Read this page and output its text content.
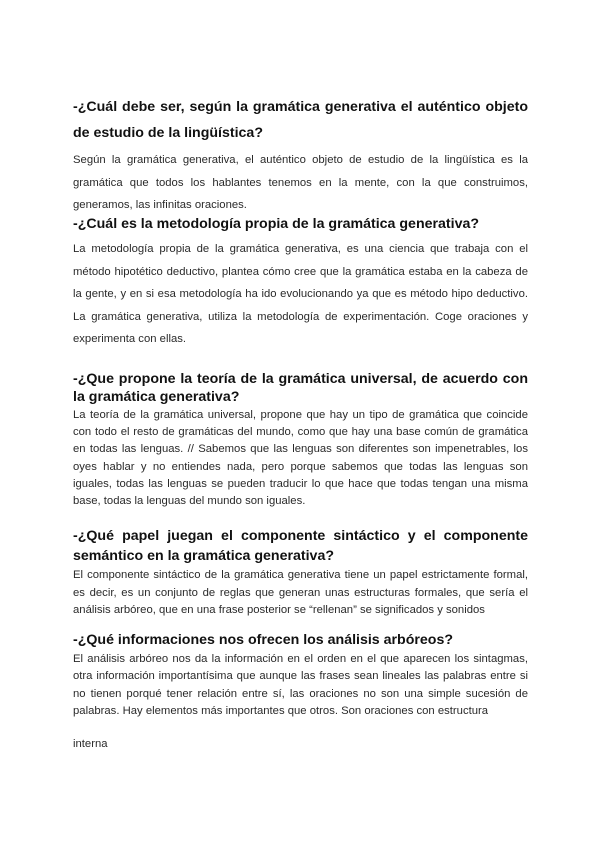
-¿Cuál debe ser, según la gramática generativa el auténtico objeto de estudio de la lingüística?

Según la gramática generativa, el auténtico objeto de estudio de la lingüística es la gramática que todos los hablantes tenemos en la mente, con la que construimos, generamos, las infinitas oraciones.

-¿Cuál es la metodología propia de la gramática generativa?

La metodología propia de la gramática generativa, es una ciencia que trabaja con el método hipotético deductivo, plantea cómo cree que la gramática estaba en la cabeza de la gente, y en si esa metodología ha ido evolucionando ya que es método hipo deductivo. La gramática generativa, utiliza la metodología de experimentación. Coge oraciones y experimenta con ellas.

-¿Que propone la teoría de la gramática universal, de acuerdo con la gramática generativa?

La teoría de la gramática universal, propone que hay un tipo de gramática que coincide con todo el resto de gramáticas del mundo, como que hay una base común de gramática en todas las lenguas. // Sabemos que las lenguas son diferentes son impenetrables, los oyes hablar y no entiendes nada, pero porque sabemos que todas las lenguas son iguales, todas las lenguas se pueden traducir lo que hace que todas tengan una misma base, todas la lenguas del mundo son iguales.

-¿Qué papel juegan el componente sintáctico y el componente semántico en la gramática generativa?

El componente sintáctico de la gramática generativa tiene un papel estrictamente formal, es decir, es un conjunto de reglas que generan unas estructuras formales, que sería el análisis arbóreo, que en una frase posterior se “rellenan” se significados y sonidos

-¿Qué informaciones nos ofrecen los análisis arbóreos?

El análisis arbóreo nos da la información en el orden en el que aparecen los sintagmas, otra información importantísima que aunque las frases sean lineales las palabras entre si no tienen porqué tener relación entre sí, las oraciones no son una simple sucesión de palabras. Hay elementos más importantes que otros. Son oraciones con estructura

interna
